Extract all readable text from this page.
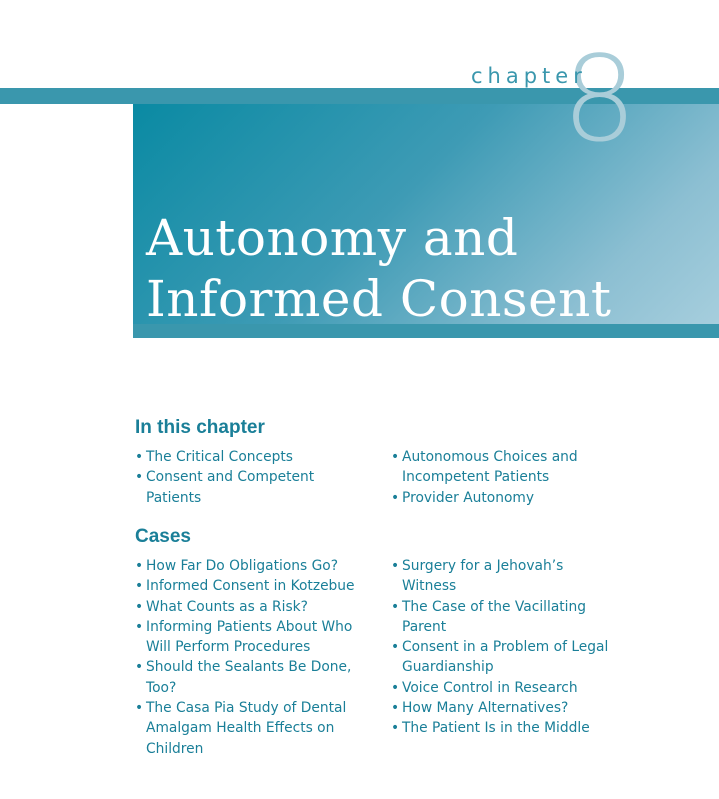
8
chapter
Autonomy and
Informed Consent
In this chapter
• The Critical Concepts
• Consent and Competent Patients
• Autonomous Choices and Incompetent Patients
• Provider Autonomy
Cases
• How Far Do Obligations Go?
• Informed Consent in Kotzebue
• What Counts as a Risk?
• Informing Patients About Who Will Perform Procedures
• Should the Sealants Be Done, Too?
• The Casa Pia Study of Dental Amalgam Health Effects on Children
• Surgery for a Jehovah’s Witness
• The Case of the Vacillating Parent
• Consent in a Problem of Legal Guardianship
• Voice Control in Research
• How Many Alternatives?
• The Patient Is in the Middle
